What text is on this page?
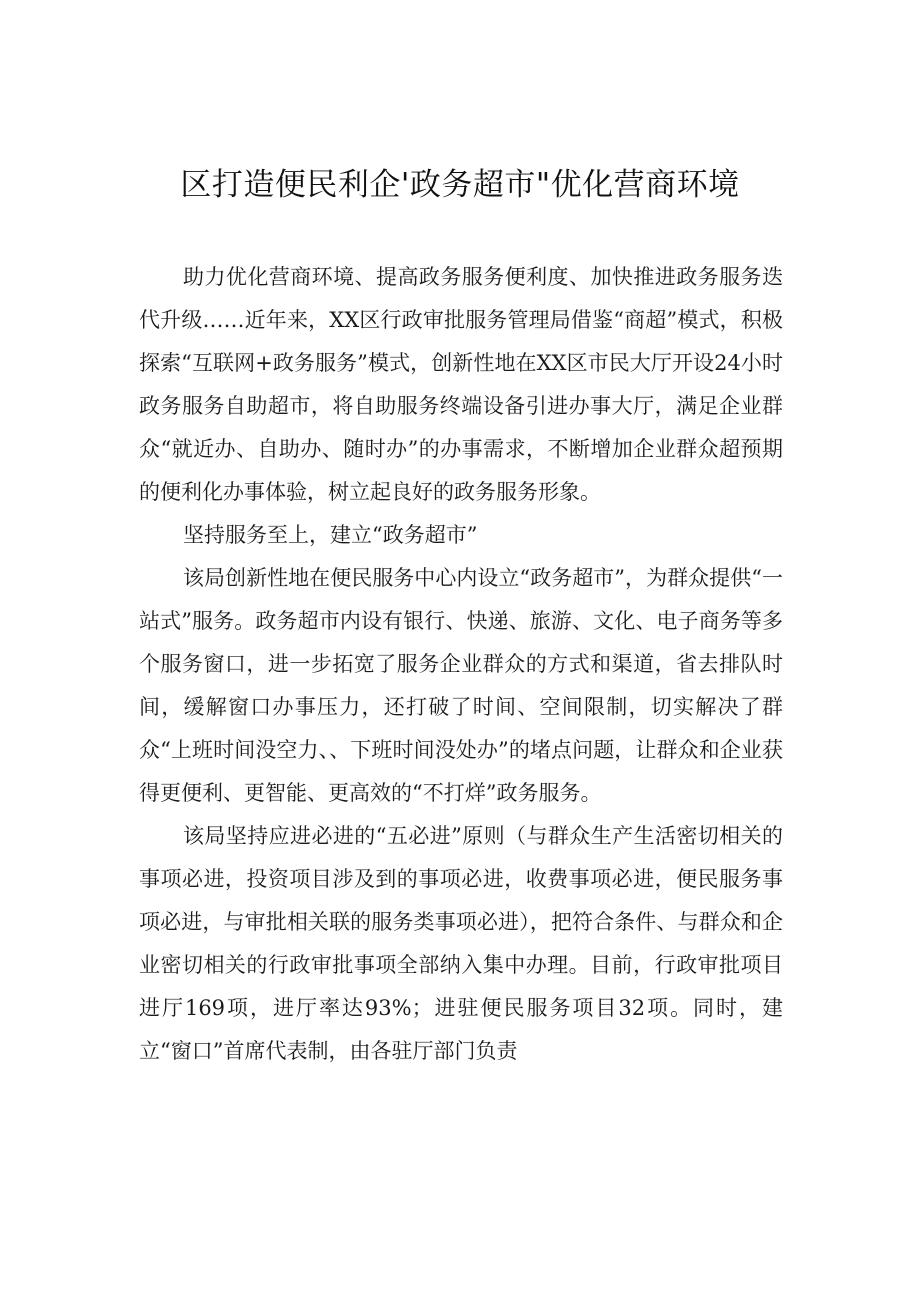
区打造便民利企'政务超市"优化营商环境

助力优化营商环境、提高政务服务便利度、加快推进政务服务迭代升级……近年来，XX区行政审批服务管理局借鉴“商超”模式，积极探索“互联网+政务服务”模式，创新性地在XX区市民大厅开设24小时政务服务自助超市，将自助服务终端设备引进办事大厅，满足企业群众“就近办、自助办、随时办”的办事需求，不断增加企业群众超预期的便利化办事体验，树立起良好的政务服务形象。

坚持服务至上，建立“政务超市”

该局创新性地在便民服务中心内设立“政务超市”，为群众提供“一站式”服务。政务超市内设有银行、快递、旅游、文化、电子商务等多个服务窗口，进一步拓宽了服务企业群众的方式和渠道，省去排队时间，缓解窗口办事压力，还打破了时间、空间限制，切实解决了群众“上班时间没空力、、下班时间没处办”的堵点问题，让群众和企业获得更便利、更智能、更高效的“不打烊”政务服务。

该局坚持应进必进的“五必进”原则（与群众生产生活密切相关的事项必进，投资项目涉及到的事项必进，收费事项必进，便民服务事项必进，与审批相关联的服务类事项必进），把符合条件、与群众和企业密切相关的行政审批事项全部纳入集中办理。目前，行政审批项目进厅169项，进厅率达93%；进驻便民服务项目32项。同时，建立“窗口”首席代表制，由各驻厅部门负责
